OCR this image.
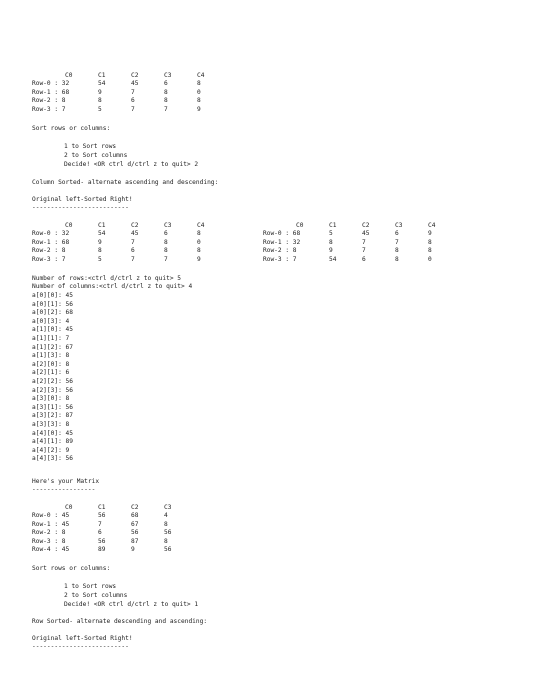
C0	C1	C2	C3	C4
Row-0 : 32	54	45	6	8
Row-1 : 68	9	7	8	0
Row-2 : 8	8	6	8	8
Row-3 : 7	5	7	7	9
Sort rows or columns:
1 to Sort rows
2 to Sort columns
Decide! <OR ctrl d/ctrl z to quit> 2
Column Sorted- alternate ascending and descending:
Original left-Sorted Right!
--------------------------
C0	C1	C2	C3	C4
Row-0 : 32	54	45	6	8
Row-1 : 68	9	7	8	0
Row-2 : 8	8	6	8	8
Row-3 : 7	5	7	7	9
C0	C1	C2	C3	C4
Row-0 : 68	5	45	6	9
Row-1 : 32	8	7	7	8
Row-2 : 8	9	7	8	8
Row-3 : 7	54	6	8	0
Number of rows:<ctrl d/ctrl z to quit> 5
Number of columns:<ctrl d/ctrl z to quit> 4
a[0][0]: 45
a[0][1]: 56
a[0][2]: 68
a[0][3]: 4
a[1][0]: 45
a[1][1]: 7
a[1][2]: 67
a[1][3]: 8
a[2][0]: 8
a[2][1]: 6
a[2][2]: 56
a[2][3]: 56
a[3][0]: 8
a[3][1]: 56
a[3][2]: 87
a[3][3]: 8
a[4][0]: 45
a[4][1]: 89
a[4][2]: 9
a[4][3]: 56
Here's your Matrix
-----------------
C0	C1	C2	C3
Row-0 : 45	56	68	4
Row-1 : 45	7	67	8
Row-2 : 8	6	56	56
Row-3 : 8	56	87	8
Row-4 : 45	89	9	56
Sort rows or columns:
1 to Sort rows
2 to Sort columns
Decide! <OR ctrl d/ctrl z to quit> 1
Row Sorted- alternate descending and ascending:
Original left-Sorted Right!
--------------------------
